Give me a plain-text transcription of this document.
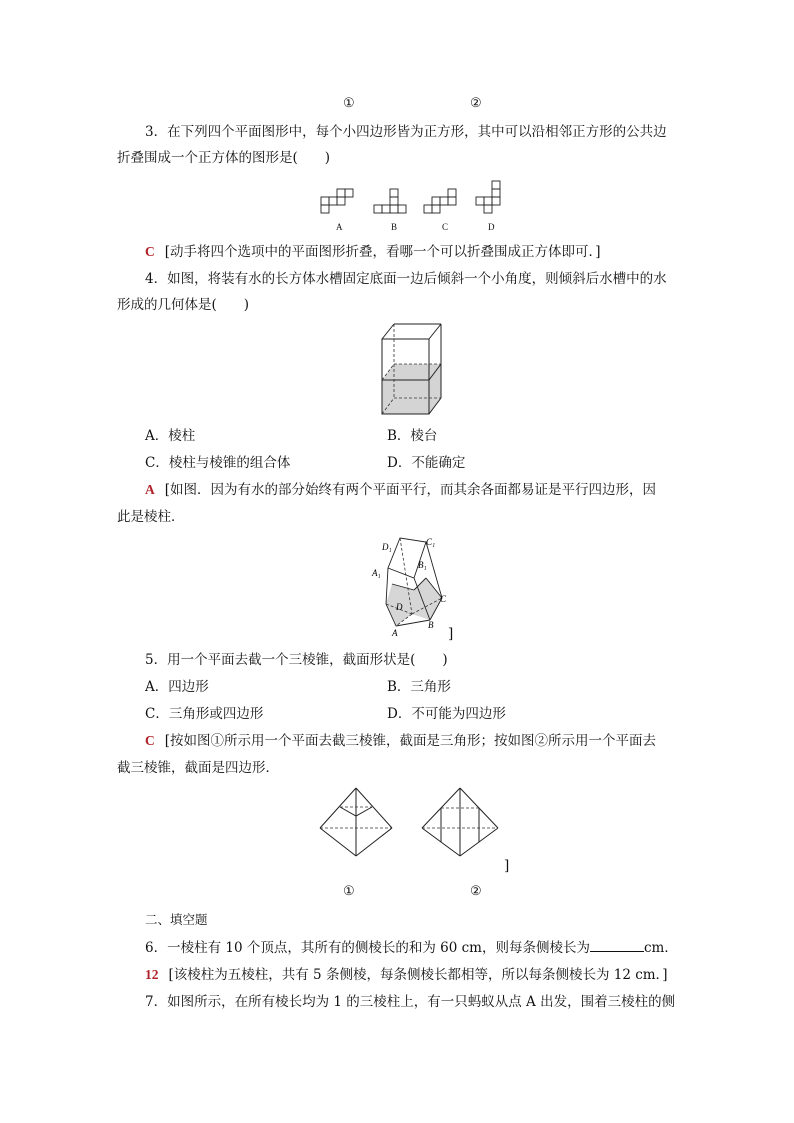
①	②
3．在下列四个平面图形中，每个小四边形皆为正方形，其中可以沿相邻正方形的公共边
折叠围成一个正方体的图形是(　　)
A	B	C	D
C [动手将四个选项中的平面图形折叠，看哪一个可以折叠围成正方体即可．]
4．如图，将装有水的长方体水槽固定底面一边后倾斜一个小角度，则倾斜后水槽中的水
形成的几何体是(　　)
A．棱柱	B．棱台
C．棱柱与棱锥的组合体	D．不能确定
A [如图．因为有水的部分始终有两个平面平行，而其余各面都易证是平行四边形，因
此是棱柱．
D₁	C₁
A₁
B₁
D
C
A
B
]
5．用一个平面去截一个三棱锥，截面形状是(　　)
A．四边形	B．三角形
C．三角形或四边形	D．不可能为四边形
C [按如图①所示用一个平面去截三棱锥，截面是三角形；按如图②所示用一个平面去
截三棱锥，截面是四边形．
]
①	②
二、填空题
6．一棱柱有 10 个顶点，其所有的侧棱长的和为 60 cm，则每条侧棱长为	cm．
12 [该棱柱为五棱柱，共有 5 条侧棱，每条侧棱长都相等，所以每条侧棱长为 12 cm．]
7．如图所示，在所有棱长均为 1 的三棱柱上，有一只蚂蚁从点 A 出发，围着三棱柱的侧
